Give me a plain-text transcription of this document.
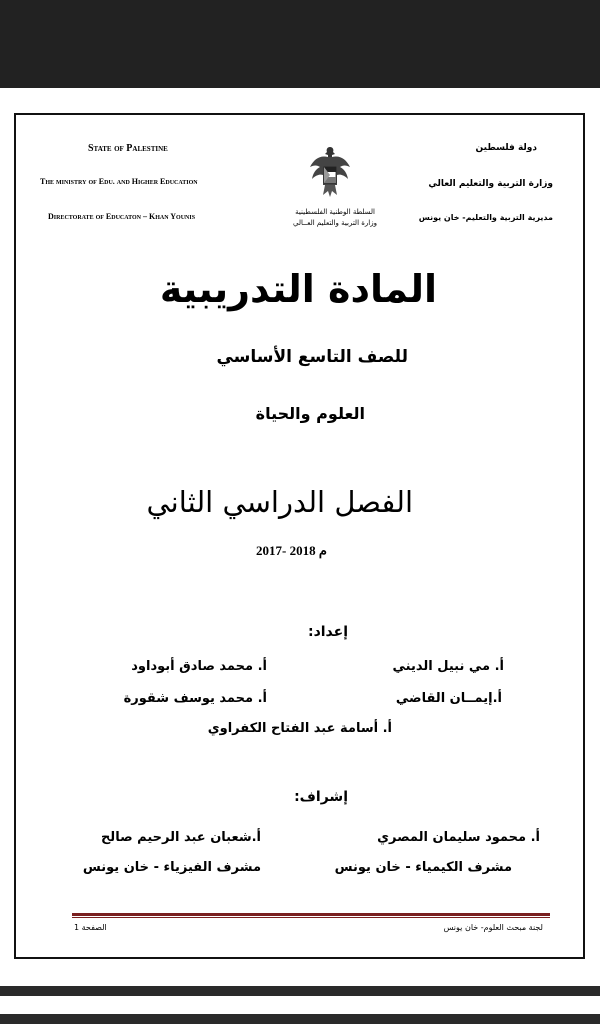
State of Palestine
The ministry of Edu. and Higher Education
Directorate of Educaton – Khan Younis	السلطة الوطنية الفلسطينية
وزارة التربية والتعليم العــالي
دولة فلسطين
وزارة التربية والتعليم العالي
مديرية التربية والتعليم- خان يونس
المادة التدريبية
للصف التاسع الأساسي
العلوم والحياة
الفصل الدراسي الثاني
2017- 2018 م
إعداد:
أ. مي نبيل الديني
أ. محمد صادق أبوداود
أ.إيمــان القاضي
أ. محمد يوسف شقورة
أ. أسامة عبد الفتاح الكفراوي
إشراف:
أ. محمود سليمان المصري
أ.شعبان عبد الرحيم صالح
مشرف الكيمياء - خان يونس
مشرف الفيزياء - خان يونس
الصفحة 1	لجنة مبحث العلوم- خان يونس
